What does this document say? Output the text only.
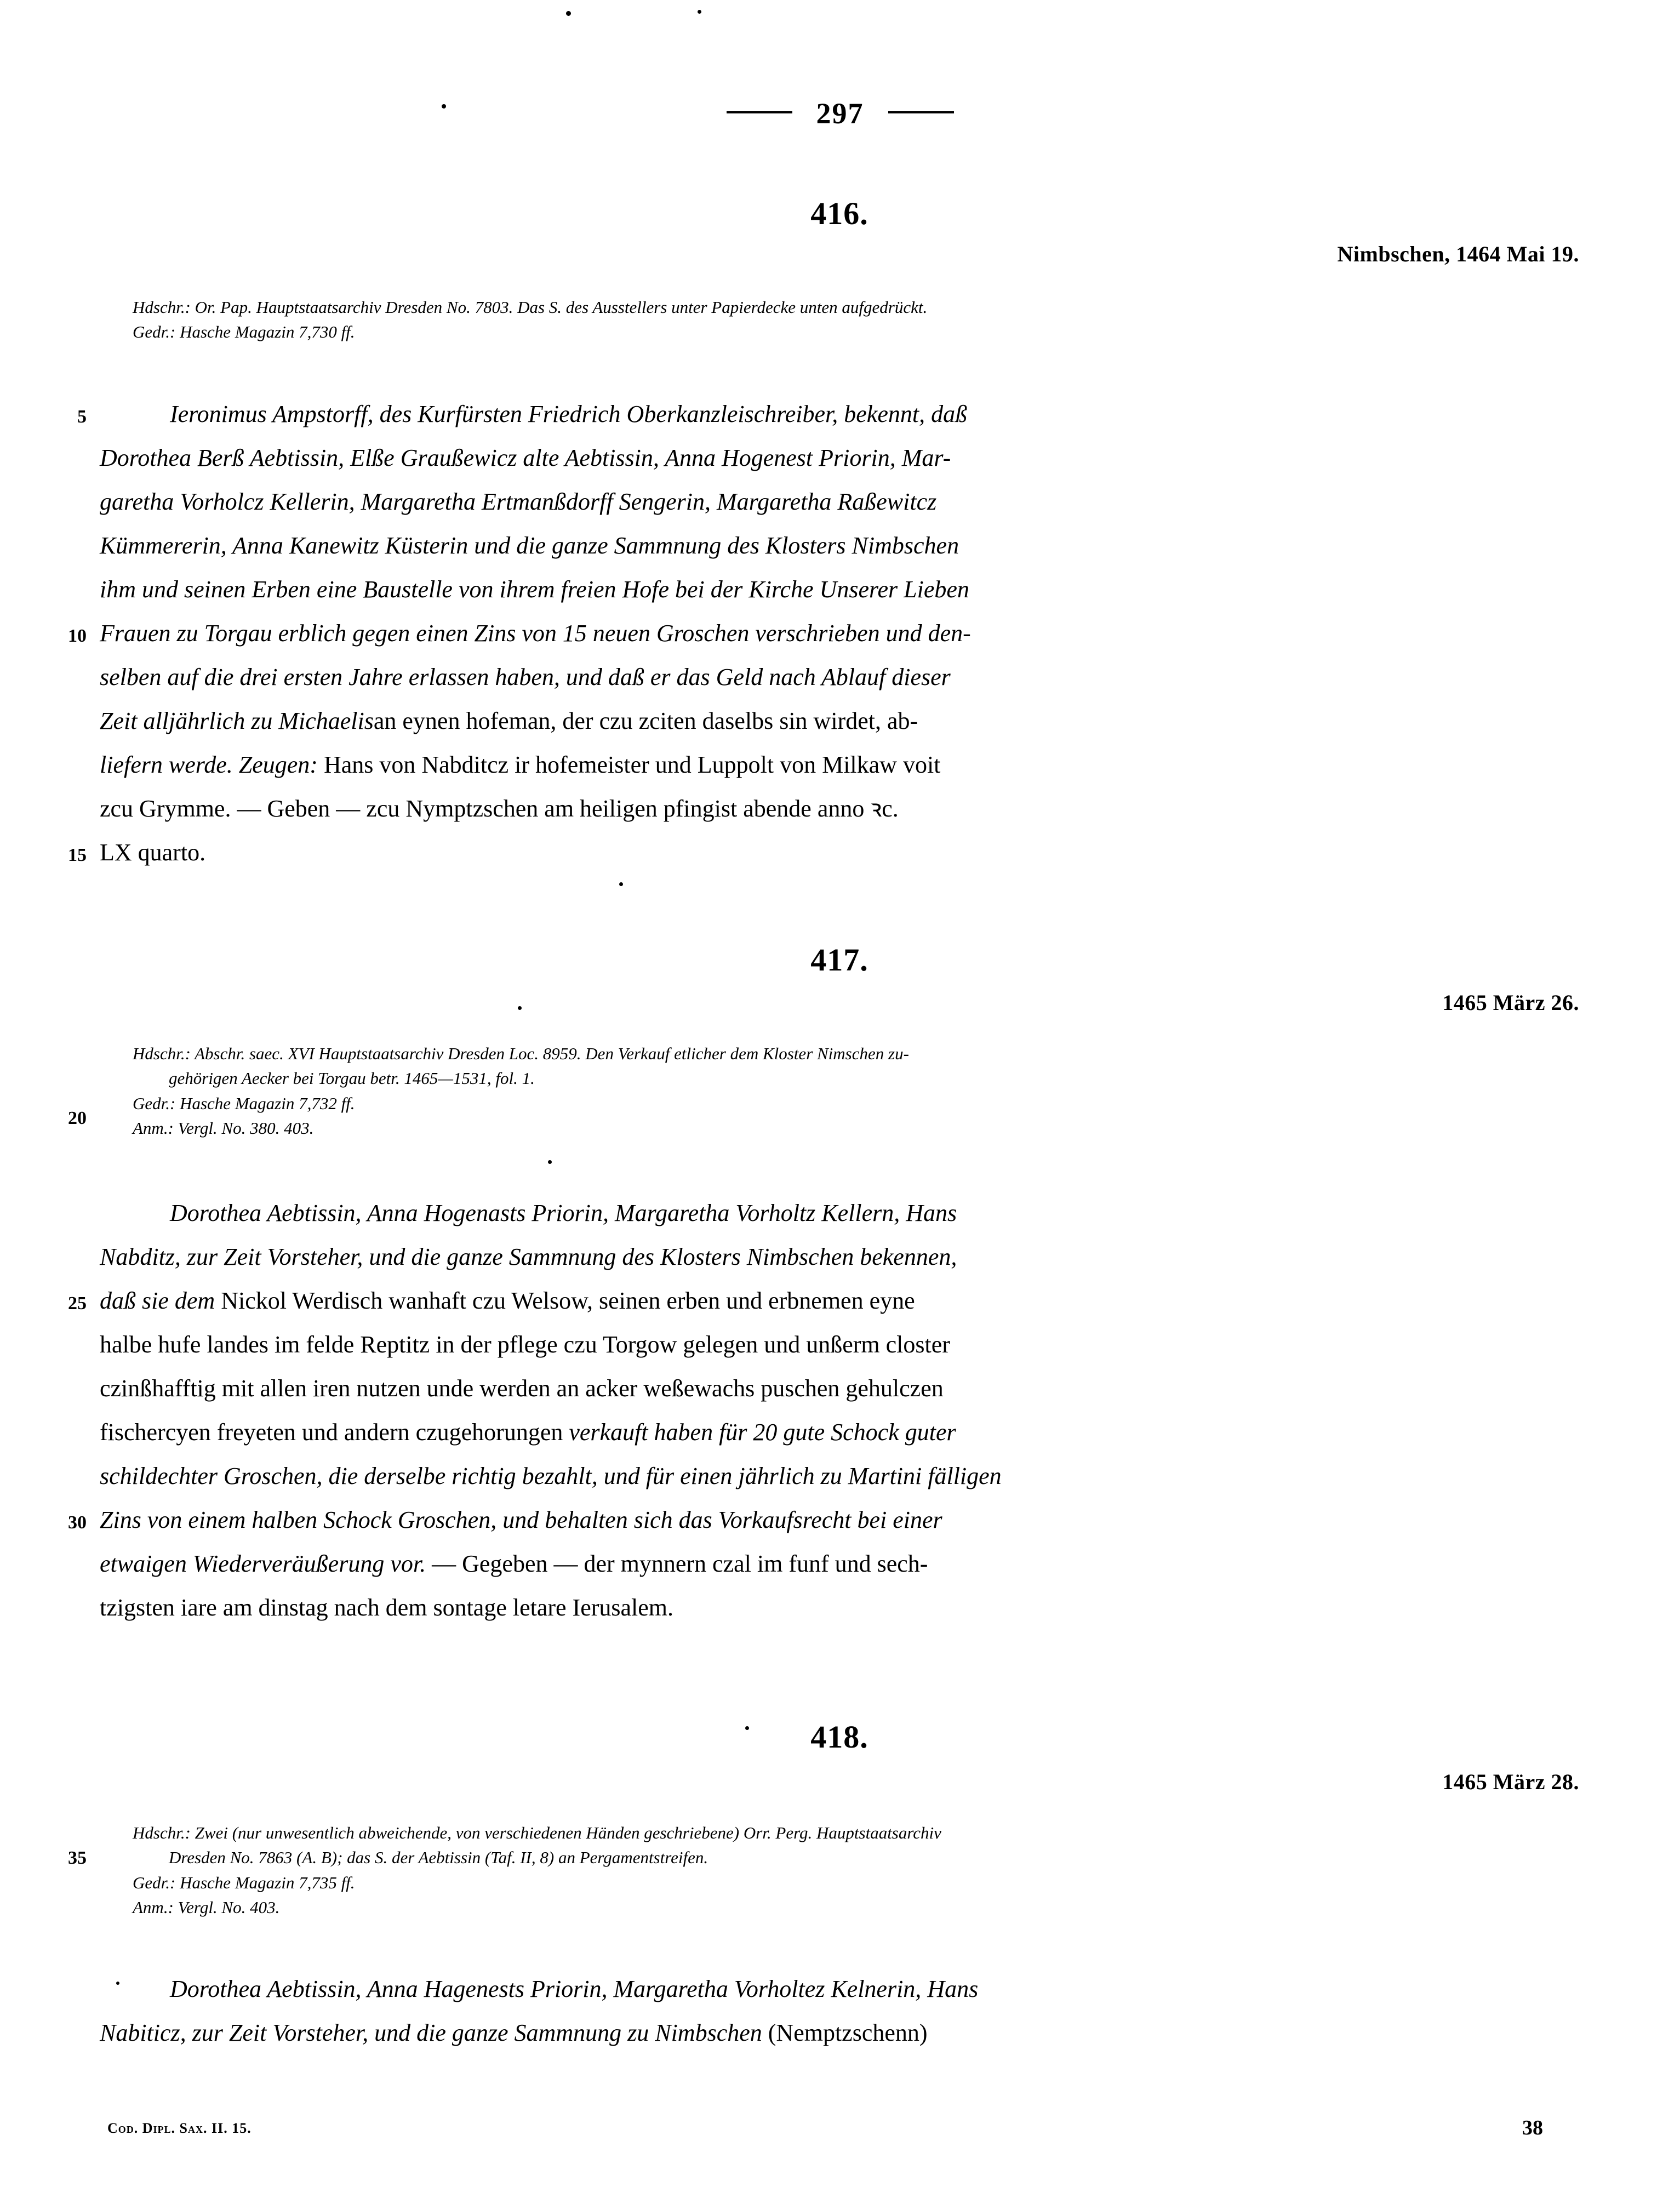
297
416.
Nimbschen, 1464 Mai 19.
Hdschr.: Or. Pap. Hauptstaatsarchiv Dresden No. 7803. Das S. des Ausstellers unter Papierdecke unten aufgedrückt.
Gedr.: Hasche Magazin 7,730 ff.
Ieronimus Ampstorff, des Kurfürsten Friedrich Oberkanzleischreiber, bekennt, daß
Dorothea Berß Aebtissin, Elße Graußewicz alte Aebtissin, Anna Hogenest Priorin, Mar-
garetha Vorholcz Kellerin, Margaretha Ertmanßdorff Sengerin, Margaretha Raßewitcz
Kümmererin, Anna Kanewitz Küsterin und die ganze Sammnung des Klosters Nimbschen
ihm und seinen Erben eine Baustelle von ihrem freien Hofe bei der Kirche Unserer Lieben
Frauen zu Torgau erblich gegen einen Zins von 15 neuen Groschen verschrieben und den-
selben auf die drei ersten Jahre erlassen haben, und daß er das Geld nach Ablauf dieser
Zeit alljährlich zu Michaelisan eynen hofeman, der czu zciten daselbs sin wirdet, ab-
liefern werde. Zeugen: Hans von Nabditcz ir hofemeister und Luppolt von Milkaw voit
zcu Grymme. — Geben — zcu Nymptzschen am heiligen pfingist abende anno ꝛc.
LX quarto.
417.
1465 März 26.
Hdschr.: Abschr. saec. XVI Hauptstaatsarchiv Dresden Loc. 8959. Den Verkauf etlicher dem Kloster Nimschen zu-
gehörigen Aecker bei Torgau betr. 1465—1531, fol. 1.
Gedr.: Hasche Magazin 7,732 ff.
Anm.: Vergl. No. 380. 403.
Dorothea Aebtissin, Anna Hogenasts Priorin, Margaretha Vorholtz Kellern, Hans
Nabditz, zur Zeit Vorsteher, und die ganze Sammnung des Klosters Nimbschen bekennen,
daß sie dem Nickol Werdisch wanhaft czu Welsow, seinen erben und erbnemen eyne
halbe hufe landes im felde Reptitz in der pflege czu Torgow gelegen und unßerm closter
czinßhafftig mit allen iren nutzen unde werden an acker weßewachs puschen gehulczen
fischercyen freyeten und andern czugehorungen verkauft haben für 20 gute Schock guter
schildechter Groschen, die derselbe richtig bezahlt, und für einen jährlich zu Martini fälligen
Zins von einem halben Schock Groschen, und behalten sich das Vorkaufsrecht bei einer
etwaigen Wiederveräußerung vor. — Gegeben — der mynnern czal im funf und sech-
tzigsten iare am dinstag nach dem sontage letare Ierusalem.
418.
1465 März 28.
Hdschr.: Zwei (nur unwesentlich abweichende, von verschiedenen Händen geschriebene) Orr. Perg. Hauptstaatsarchiv
Dresden No. 7863 (A. B); das S. der Aebtissin (Taf. II, 8) an Pergamentstreifen.
Gedr.: Hasche Magazin 7,735 ff.
Anm.: Vergl. No. 403.
Dorothea Aebtissin, Anna Hagenests Priorin, Margaretha Vorholtez Kelnerin, Hans
Nabiticz, zur Zeit Vorsteher, und die ganze Sammnung zu Nimbschen (Nemptzschenn)
5
10
15
20
25
30
35
Cod. Dipl. Sax. II. 15.	38
